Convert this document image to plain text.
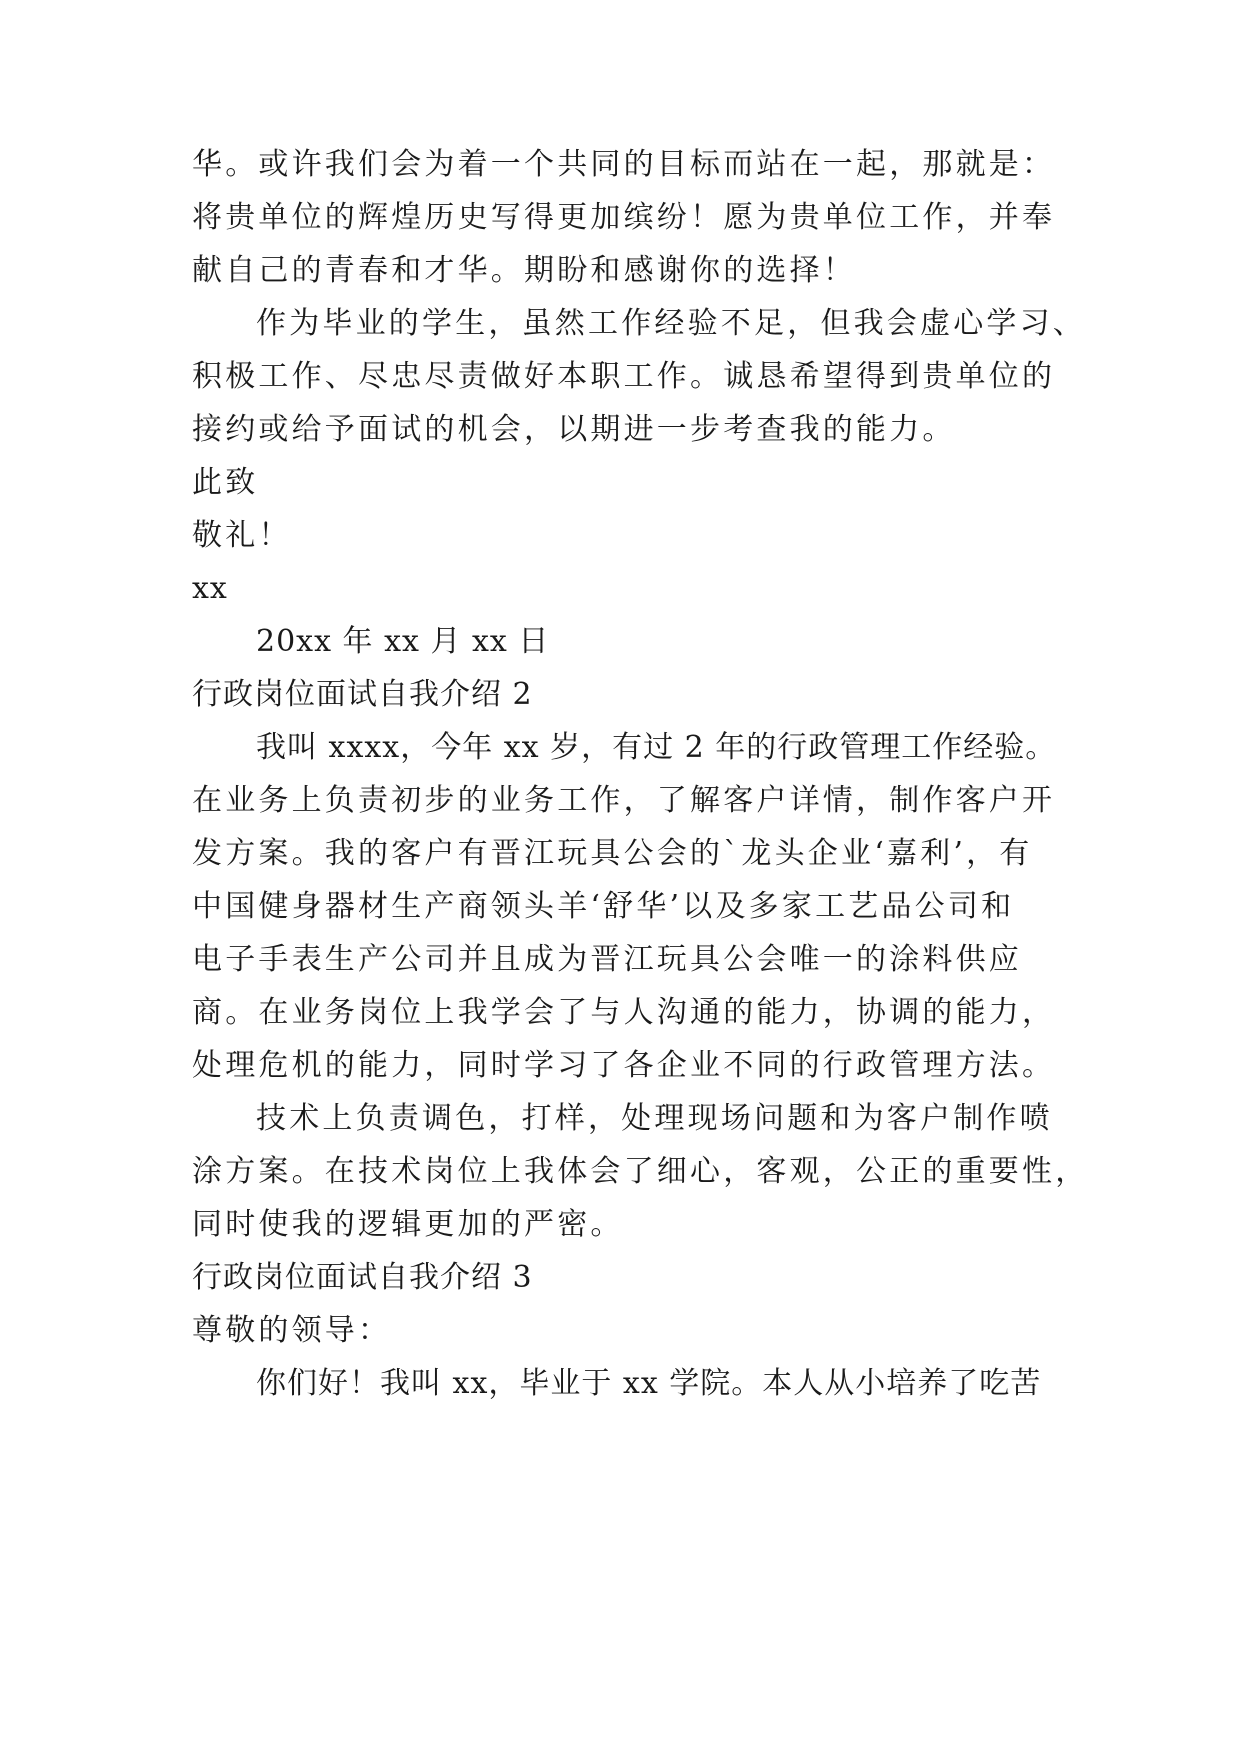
华。或许我们会为着一个共同的目标而站在一起，那就是：
将贵单位的辉煌历史写得更加缤纷！愿为贵单位工作，并奉
献自己的青春和才华。期盼和感谢你的选择！
作为毕业的学生，虽然工作经验不足，但我会虚心学习、
积极工作、尽忠尽责做好本职工作。诚恳希望得到贵单位的
接约或给予面试的机会，以期进一步考查我的能力。
此致
敬礼！
xx
20xx 年 xx 月 xx 日
行政岗位面试自我介绍 2
我叫 xxxx，今年 xx 岁，有过 2 年的行政管理工作经验。
在业务上负责初步的业务工作，了解客户详情，制作客户开
发方案。我的客户有晋江玩具公会的`龙头企业‘嘉利’，有
中国健身器材生产商领头羊‘舒华’以及多家工艺品公司和
电子手表生产公司并且成为晋江玩具公会唯一的涂料供应
商。在业务岗位上我学会了与人沟通的能力，协调的能力，
处理危机的能力，同时学习了各企业不同的行政管理方法。
技术上负责调色，打样，处理现场问题和为客户制作喷
涂方案。在技术岗位上我体会了细心，客观，公正的重要性，
同时使我的逻辑更加的严密。
行政岗位面试自我介绍 3
尊敬的领导：
你们好！我叫 xx，毕业于 xx 学院。本人从小培养了吃苦
